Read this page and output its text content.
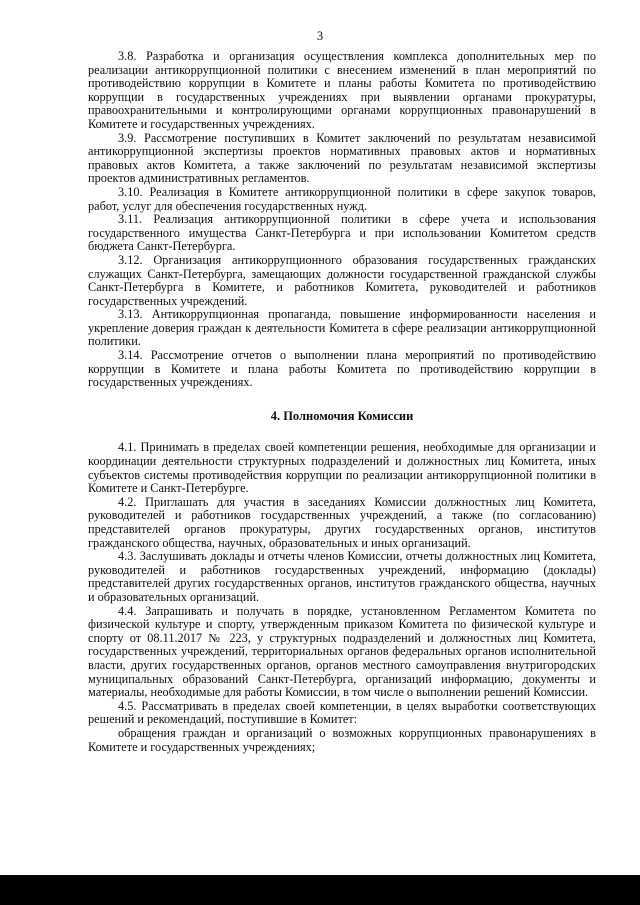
3

3.8. Разработка и организация осуществления комплекса дополнительных мер по реализации антикоррупционной политики с внесением изменений в план мероприятий по противодействию коррупции в Комитете и планы работы Комитета по противодействию коррупции в государственных учреждениях при выявлении органами прокуратуры, правоохранительными и контролирующими органами коррупционных правонарушений в Комитете и государственных учреждениях.

3.9. Рассмотрение поступивших в Комитет заключений по результатам независимой антикоррупционной экспертизы проектов нормативных правовых актов и нормативных правовых актов Комитета, а также заключений по результатам независимой экспертизы проектов административных регламентов.

3.10. Реализация в Комитете антикоррупционной политики в сфере закупок товаров, работ, услуг для обеспечения государственных нужд.

3.11. Реализация антикоррупционной политики в сфере учета и использования государственного имущества Санкт-Петербурга и при использовании Комитетом средств бюджета Санкт-Петербурга.

3.12. Организация антикоррупционного образования государственных гражданских служащих Санкт-Петербурга, замещающих должности государственной гражданской службы Санкт-Петербурга в Комитете, и работников Комитета, руководителей и работников государственных учреждений.

3.13. Антикоррупционная пропаганда, повышение информированности населения и укрепление доверия граждан к деятельности Комитета в сфере реализации антикоррупционной политики.

3.14. Рассмотрение отчетов о выполнении плана мероприятий по противодействию коррупции в Комитете и плана работы Комитета по противодействию коррупции в государственных учреждениях.

4. Полномочия Комиссии

4.1. Принимать в пределах своей компетенции решения, необходимые для организации и координации деятельности структурных подразделений и должностных лиц Комитета, иных субъектов системы противодействия коррупции по реализации антикоррупционной политики в Комитете и Санкт-Петербурге.

4.2. Приглашать для участия в заседаниях Комиссии должностных лиц Комитета, руководителей и работников государственных учреждений, а также (по согласованию) представителей органов прокуратуры, других государственных органов, институтов гражданского общества, научных, образовательных и иных организаций.

4.3. Заслушивать доклады и отчеты членов Комиссии, отчеты должностных лиц Комитета, руководителей и работников государственных учреждений, информацию (доклады) представителей других государственных органов, институтов гражданского общества, научных и образовательных организаций.

4.4. Запрашивать и получать в порядке, установленном Регламентом Комитета по физической культуре и спорту, утвержденным приказом Комитета по физической культуре и спорту от 08.11.2017 № 223, у структурных подразделений и должностных лиц Комитета, государственных учреждений, территориальных органов федеральных органов исполнительной власти, других государственных органов, органов местного самоуправления внутригородских муниципальных образований Санкт-Петербурга, организаций информацию, документы и материалы, необходимые для работы Комиссии, в том числе о выполнении решений Комиссии.

4.5. Рассматривать в пределах своей компетенции, в целях выработки соответствующих решений и рекомендаций, поступившие в Комитет:

обращения граждан и организаций о возможных коррупционных правонарушениях в Комитете и государственных учреждениях;
